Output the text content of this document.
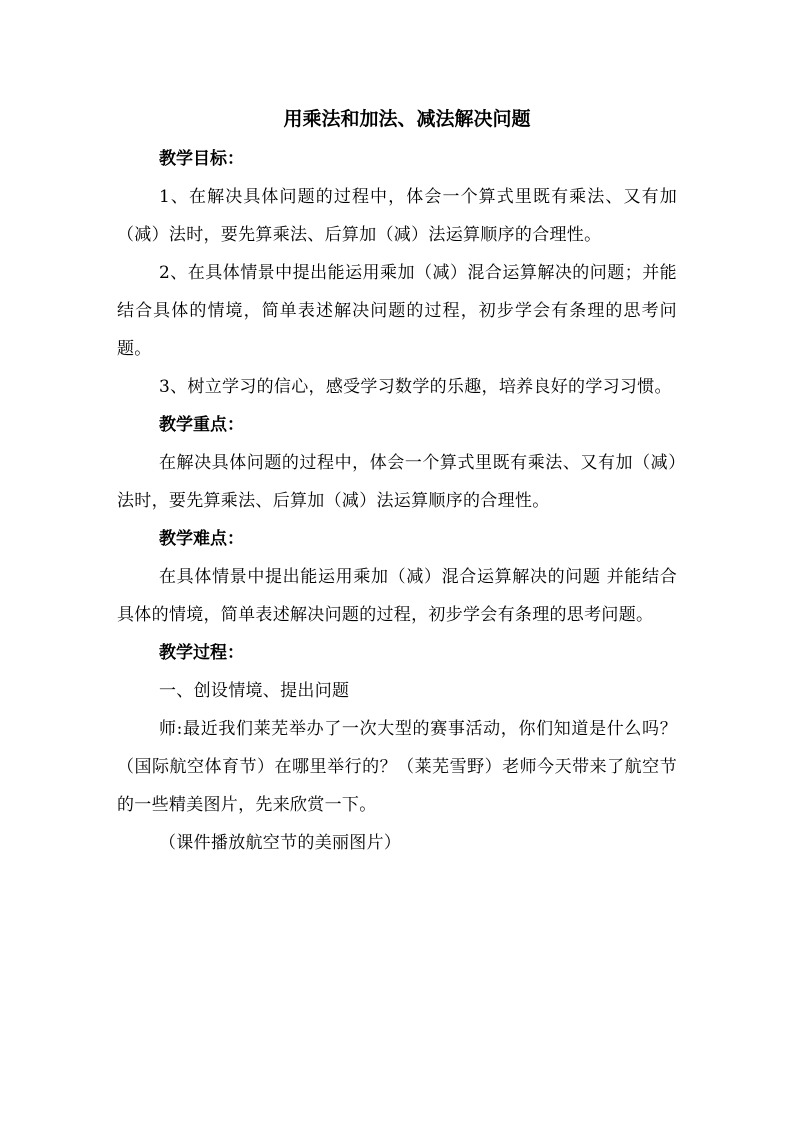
用乘法和加法、减法解决问题

教学目标：

1、在解决具体问题的过程中，体会一个算式里既有乘法、又有加（减）法时，要先算乘法、后算加（减）法运算顺序的合理性。

2、在具体情景中提出能运用乘加（减）混合运算解决的问题；并能结合具体的情境，简单表述解决问题的过程，初步学会有条理的思考问题。

3、树立学习的信心，感受学习数学的乐趣，培养良好的学习习惯。

教学重点：

在解决具体问题的过程中，体会一个算式里既有乘法、又有加（减）法时，要先算乘法、后算加（减）法运算顺序的合理性。

教学难点：

在具体情景中提出能运用乘加（减）混合运算解决的问题 并能结合具体的情境，简单表述解决问题的过程，初步学会有条理的思考问题。

教学过程：

一、创设情境、提出问题

师:最近我们莱芜举办了一次大型的赛事活动，你们知道是什么吗？（国际航空体育节）在哪里举行的？（莱芜雪野）老师今天带来了航空节的一些精美图片，先来欣赏一下。

（课件播放航空节的美丽图片）
